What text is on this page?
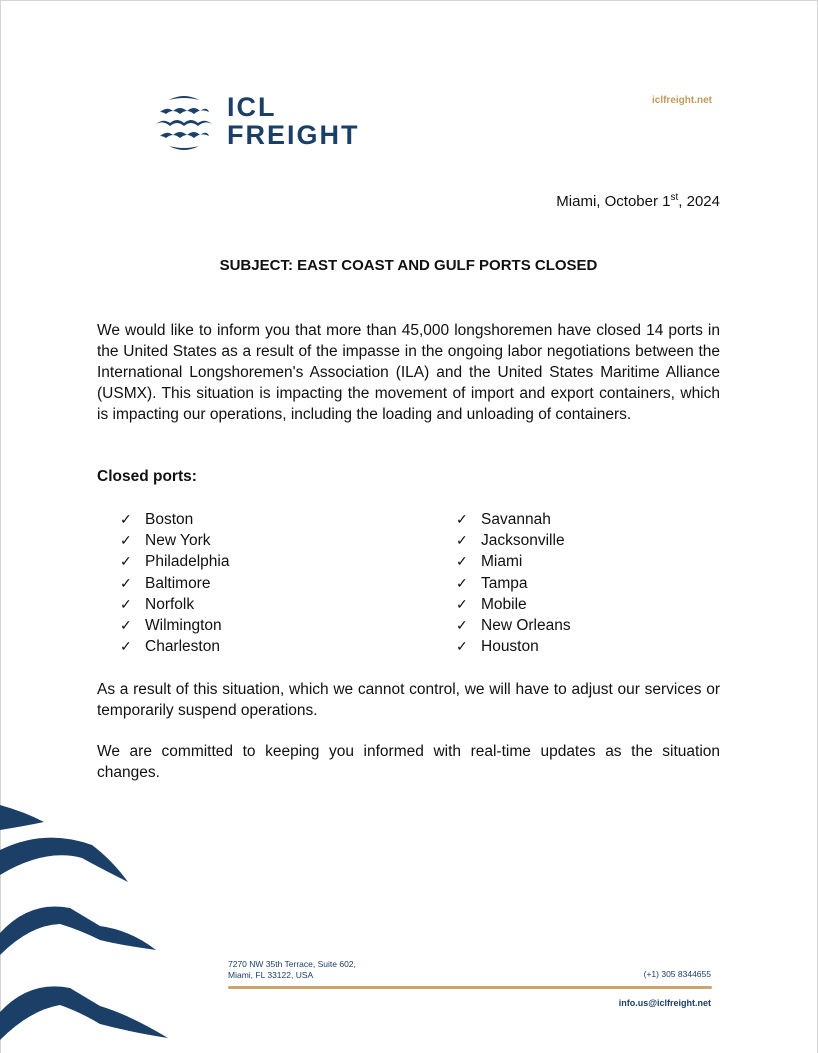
ICL
FREIGHT
iclfreight.net
Miami, October 1st, 2024
SUBJECT: EAST COAST AND GULF PORTS CLOSED

We would like to inform you that more than 45,000 longshoremen have closed 14 ports in the United States as a result of the impasse in the ongoing labor negotiations between the International Longshoremen's Association (ILA) and the United States Maritime Alliance (USMX). This situation is impacting the movement of import and export containers, which is impacting our operations, including the loading and unloading of containers.

Closed ports:
✓ Boston
✓ New York
✓ Philadelphia
✓ Baltimore
✓ Norfolk
✓ Wilmington
✓ Charleston
✓ Savannah
✓ Jacksonville
✓ Miami
✓ Tampa
✓ Mobile
✓ New Orleans
✓ Houston

As a result of this situation, which we cannot control, we will have to adjust our services or temporarily suspend operations.

We are committed to keeping you informed with real-time updates as the situation changes.

7270 NW 35th Terrace, Suite 602,
Miami, FL 33122, USA	(+1) 305 8344655
info.us@iclfreight.net
